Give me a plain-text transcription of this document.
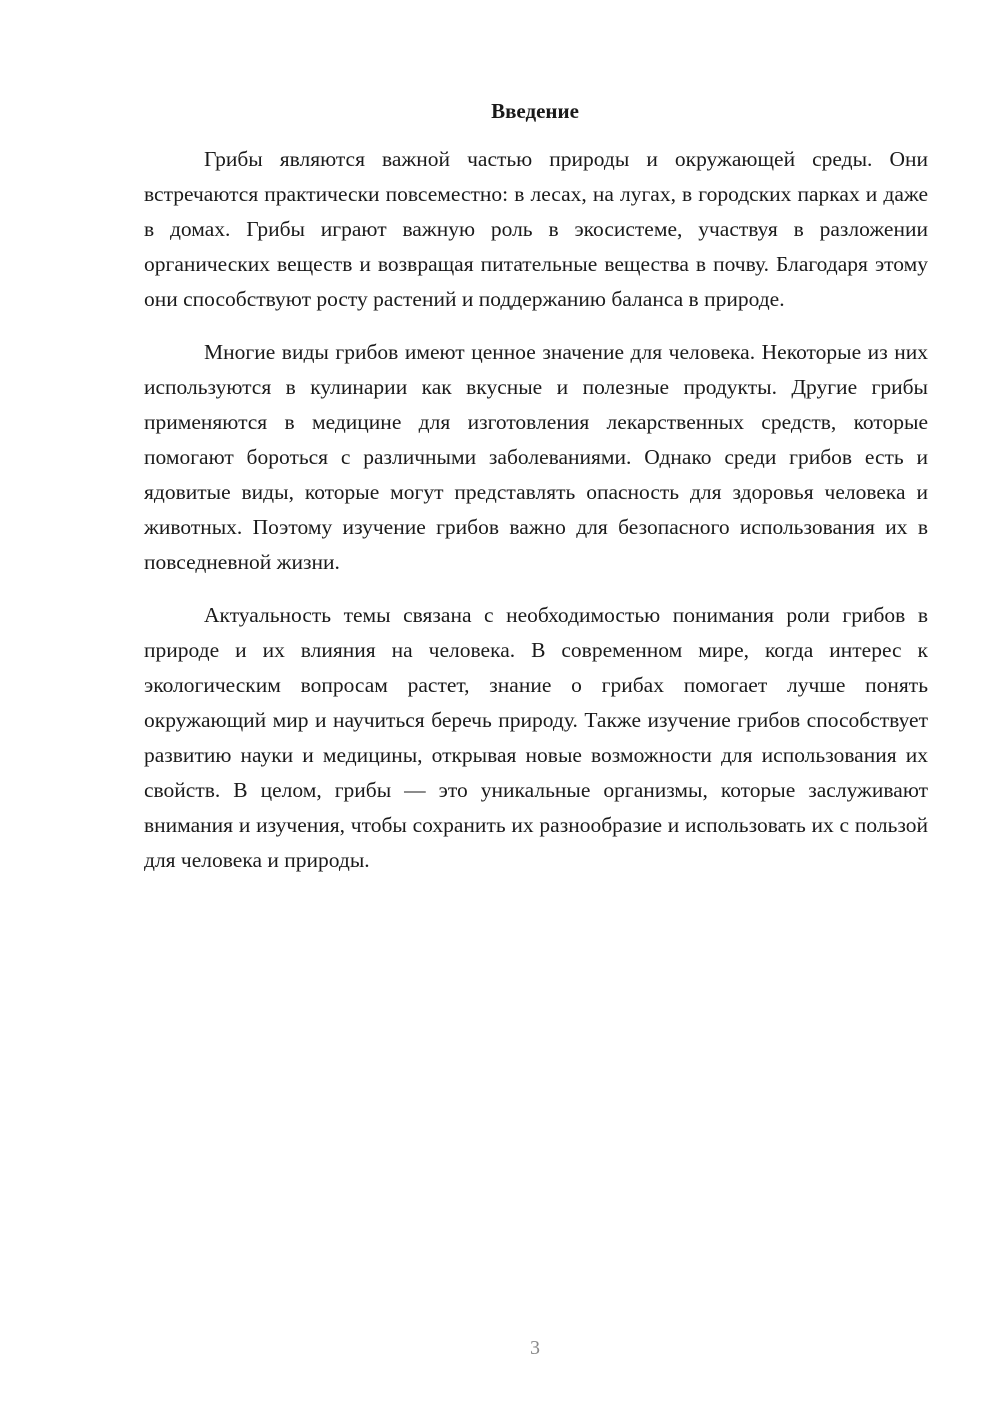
Введение

Грибы являются важной частью природы и окружающей среды. Они встречаются практически повсеместно: в лесах, на лугах, в городских парках и даже в домах. Грибы играют важную роль в экосистеме, участвуя в разложении органических веществ и возвращая питательные вещества в почву. Благодаря этому они способствуют росту растений и поддержанию баланса в природе.

Многие виды грибов имеют ценное значение для человека. Некоторые из них используются в кулинарии как вкусные и полезные продукты. Другие грибы применяются в медицине для изготовления лекарственных средств, которые помогают бороться с различными заболеваниями. Однако среди грибов есть и ядовитые виды, которые могут представлять опасность для здоровья человека и животных. Поэтому изучение грибов важно для безопасного использования их в повседневной жизни.

Актуальность темы связана с необходимостью понимания роли грибов в природе и их влияния на человека. В современном мире, когда интерес к экологическим вопросам растет, знание о грибах помогает лучше понять окружающий мир и научиться беречь природу. Также изучение грибов способствует развитию науки и медицины, открывая новые возможности для использования их свойств. В целом, грибы — это уникальные организмы, которые заслуживают внимания и изучения, чтобы сохранить их разнообразие и использовать их с пользой для человека и природы.

3
